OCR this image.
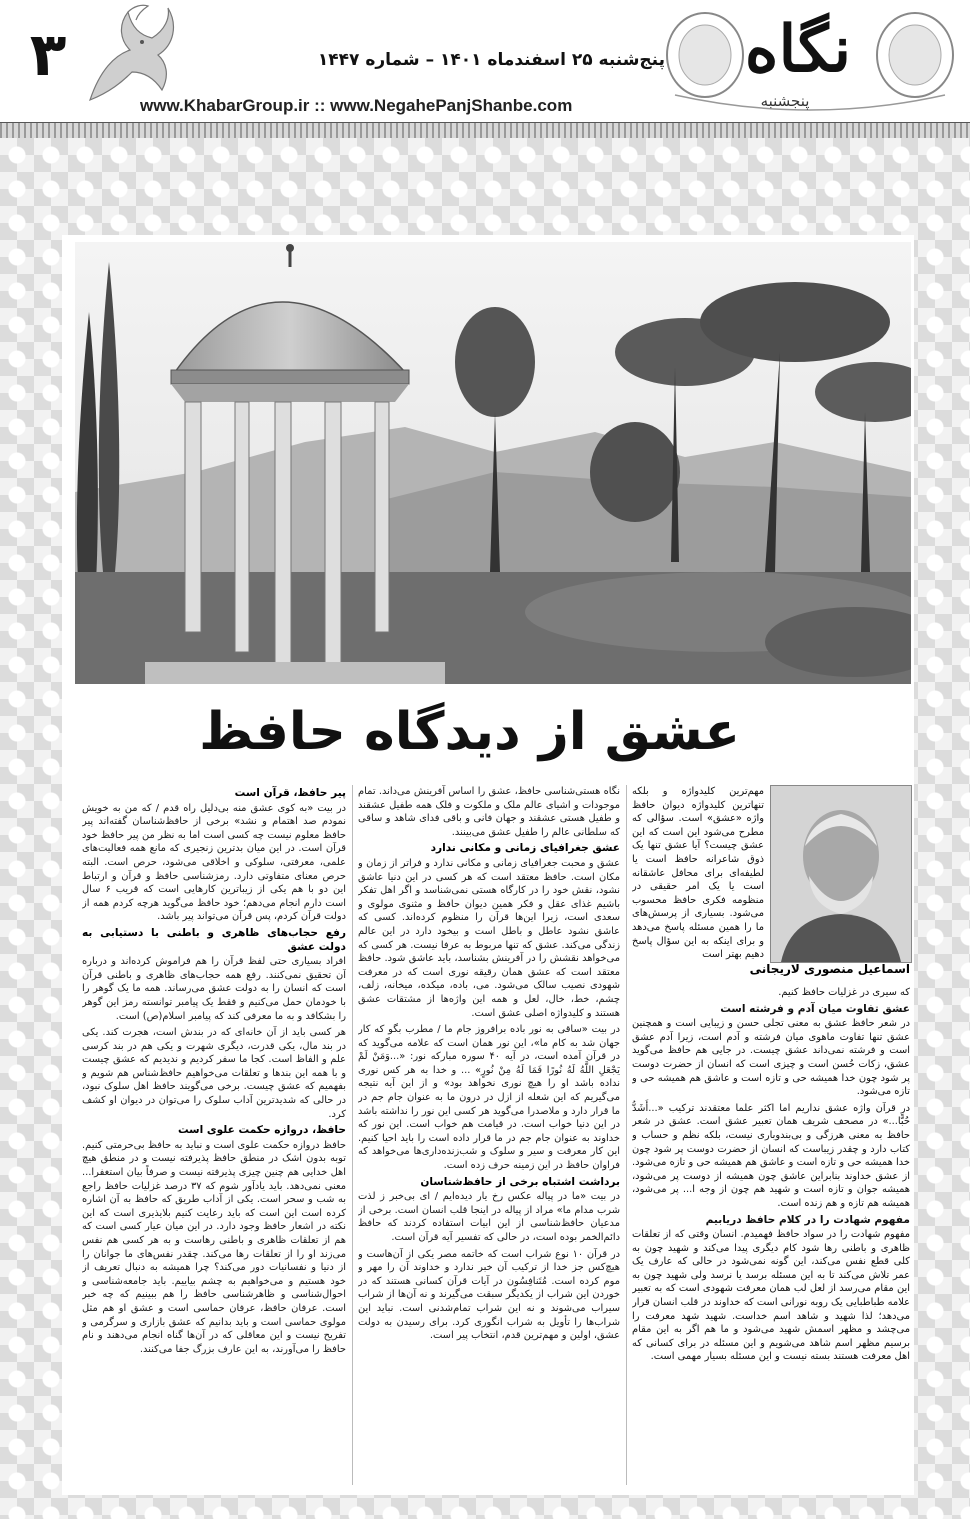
۳	پنج‌شنبه ۲۵ اسفندماه ۱۴۰۱ – شماره ۱۴۴۷
www.KhabarGroup.ir :: www.NegahePanjShanbe.com
نگاه
پنجشنبه
عشق از دیدگاه حافظ
اسماعیل منصوری لاریجانی

مهم‌ترین کلیدواژه و بلکه تنهاترین کلیدواژه دیوان حافظ واژه «عشق» است. سؤالی که مطرح می‌شود این است که این عشق چیست؟ آیا عشق تنها یک ذوق شاعرانه حافظ است یا لطیفه‌ای برای محافل عاشقانه است یا یک امر حقیقی در منظومه فکری حافظ محسوب می‌شود. بسیاری از پرسش‌های ما را همین مسئله پاسخ می‌دهد و برای اینکه به این سؤال پاسخ دهیم بهتر است

که سیری در غزلیات حافظ کنیم.

عشق تفاوت میان آدم و فرشته است

در شعر حافظ عشق به معنی تجلی حسن و زیبایی است و همچنین عشق تنها تفاوت ماهوی میان فرشته و آدم است، زیرا آدم عشق است و فرشته نمی‌داند عشق چیست. در جایی هم حافظ می‌گوید عشق، زکات حُسن است و چیزی است که انسان از حضرت دوست پر شود چون خدا همیشه حی و تازه است و عاشق هم همیشه حی و تازه می‌شود.

در قرآن واژه عشق نداریم اما اکثر علما معتقدند ترکیب «...أَشَدُّ حُبًّا...» در مصحف شریف همان تعبیر عشق است. عشق در شعر حافظ به معنی هرزگی و بی‌بندوباری نیست، بلکه نظم و حساب و کتاب دارد و چقدر زیباست که انسان از حضرت دوست پر شود چون خدا همیشه حی و تازه است و عاشق هم همیشه حی و تازه می‌شود. از عشق خداوند بنابراین عاشق چون همیشه از دوست پر می‌شود، همیشه جوان و تازه است و شهید هم چون از وجه ا... پر می‌شود، همیشه هم تازه و هم زنده است.

مفهوم شهادت را در کلام حافظ دریابیم

مفهوم شهادت را در سواد حافظ فهمیدم. انسان وقتی که از تعلقات ظاهری و باطنی رها شود کام دیگری پیدا می‌کند و شهید چون به کلی قطع نفس می‌کند، این گونه نمی‌شود در حالی که عارف یک عمر تلاش می‌کند تا به این مسئله برسد یا نرسد ولی شهید چون به این مقام می‌رسد از لعل لب همان معرفت شهودی است که به تعبیر علامه طباطبایی یک روبه نورانی است که خداوند در قلب انسان قرار می‌دهد؛ لذا شهید و شاهد اسم خداست. شهید شهد معرفت را می‌چشد و مظهر اسمش شهید می‌شود و ما هم اگر به این مقام برسیم مظهر اسم شاهد می‌شویم و این مسئله در برای کسانی که اهل معرفت هستند بسته نیست و این مسئله بسیار مهمی است.

نگاه هستی‌شناسی حافظ، عشق را اساس آفرینش می‌داند. تمام موجودات و اشیای عالم ملک و ملکوت و فلک همه طفیل عشقند و طفیل هستی عشقند و جهان فانی و باقی فدای شاهد و ساقی که سلطانی عالم را طفیل عشق می‌بینند.

عشق جغرافیای زمانی و مکانی ندارد

عشق و محبت جغرافیای زمانی و مکانی ندارد و فراتر از زمان و مکان است. حافظ معتقد است که هر کسی در این دنیا عاشق نشود، نقش خود را در کارگاه هستی نمی‌شناسد و اگر اهل تفکر باشیم غذای عقل و فکر همین دیوان حافظ و مثنوی مولوی و سعدی است، زیرا این‌ها قرآن را منظوم کرده‌اند. کسی که عاشق نشود عاطل و باطل است و بیخود دارد در این عالم زندگی می‌کند. عشق که تنها مربوط به عرفا نیست. هر کسی که می‌خواهد نقشش را در آفرینش بشناسد، باید عاشق شود. حافظ معتقد است که عشق همان رقیقه نوری است که در معرفت شهودی نصیب سالک می‌شود. می، باده، میکده، میخانه، زلف، چشم، خط، خال، لعل و همه این واژه‌ها از مشتقات عشق هستند و کلیدواژه اصلی عشق است.

در بیت «ساقی به نور باده برافروز جام ما / مطرب بگو که کار جهان شد به کام ما»، این نور همان است که علامه می‌گوید که در قرآن آمده است، در آیه ۴۰ سوره مبارکه نور: «...وَمَنْ لَمْ یَجْعَلِ اللَّهُ لَهُ نُورًا فَمَا لَهُ مِنْ نُورٍ» ... و خدا به هر کس نوری نداده باشد او را هیچ نوری نخواهد بود» و از این آیه نتیجه می‌گیریم که این شعله از ازل در درون ما به عنوان جام جم در ما قرار دارد و ملاصدرا می‌گوید هر کسی این نور را نداشته باشد در این دنیا خواب است. در قیامت هم خواب است. این نور که خداوند به عنوان جام جم در ما قرار داده است را باید احیا کنیم. این کار معرفت و سیر و سلوک و شب‌زنده‌داری‌ها می‌خواهد که فراوان حافظ در این زمینه حرف زده است.

برداشت اشتباه برخی از حافظ‌شناسان

در بیت «ما در پیاله عکس رخ یار دیده‌ایم / ای بی‌خبر ز لذت شرب مدام ما» مراد از پیاله در اینجا قلب انسان است. برخی از مدعیان حافظ‌شناسی از این ابیات استفاده کردند که حافظ دائم‌الخمر بوده است، در حالی که تفسیر آیه قرآن است.

در قرآن ۱۰ نوع شراب است که خاتمه مصر یکی از آن‌هاست و هیچ‌کس جز خدا از ترکیب آن خبر ندارد و خداوند آن را مهر و موم کرده است. مُتَنافِسُون در آیات قرآن کسانی هستند که در خوردن این شراب از یکدیگر سبقت می‌گیرند و نه آن‌ها از شراب سیراب می‌شوند و نه این شراب تمام‌شدنی است. نباید این شراب‌ها را تأویل به شراب انگوری کرد. برای رسیدن به دولت عشق، اولین و مهم‌ترین قدم، انتخاب پیر است.

پیر حافظ، قرآن است

در بیت «به کوی عشق منه بی‌دلیل راه قدم / که من به خویش نمودم صد اهتمام و نشد» برخی از حافظ‌شناسان گفته‌اند پیر حافظ معلوم نیست چه کسی است اما به نظر من پیر حافظ خود قرآن است. در این میان بدترین زنجیری که مانع همه فعالیت‌های علمی، معرفتی، سلوکی و اخلاقی می‌شود، حرص است. البته حرص معنای متفاوتی دارد. رمزشناسی حافظ و قرآن و ارتباط این دو با هم یکی از زیباترین کارهایی است که قریب ۶ سال است دارم انجام می‌دهم؛ خود حافظ می‌گوید هرچه کردم همه از دولت قرآن کردم، پس قرآن می‌تواند پیر باشد.

رفع حجاب‌های ظاهری و باطنی با دستیابی به دولت عشق

افراد بسیاری حتی لفظ قرآن را هم فراموش کرده‌اند و درباره آن تحقیق نمی‌کنند. رفع همه حجاب‌های ظاهری و باطنی قرآن است که انسان را به دولت عشق می‌رساند. همه ما یک گوهر را با خودمان حمل می‌کنیم و فقط یک پیامبر توانسته رمز این گوهر را بشکافد و به ما معرفی کند که پیامبر اسلام(ص) است.

هر کسی باید از آن خانه‌ای که در بندش است، هجرت کند. یکی در بند مال، یکی قدرت، دیگری شهرت و یکی هم در بند کرسی علم و الفاظ است. کجا ما سفر کردیم و ندیدیم که عشق چیست و با همه این بندها و تعلقات می‌خواهیم حافظ‌شناس هم شویم و بفهمیم که عشق چیست. برخی می‌گویند حافظ اهل سلوک نبود، در حالی که شدیدترین آداب سلوک را می‌توان در دیوان او کشف کرد.

حافظ، دروازه حکمت علوی است

حافظ دروازه حکمت علوی است و نباید به حافظ بی‌حرمتی کنیم. توبه بدون اشک در منطق حافظ پذیرفته نیست و در منطق هیچ اهل خدایی هم چنین چیزی پذیرفته نیست و صرفاً بیان استغفرا... معنی نمی‌دهد. باید یادآور شوم که ۳۷ درصد غزلیات حافظ راجع به شب و سحر است. یکی از آداب طریق که حافظ به آن اشاره کرده است این است که باید رعایت کنیم بلایذیری است که این نکته در اشعار حافظ وجود دارد. در این میان عیار کسی است که هم از تعلقات ظاهری و باطنی رهاست و به هر کسی هم نفس می‌زند او را از تعلقات رها می‌کند. چقدر نفس‌های ما جوانان را از دنیا و نفسانیات دور می‌کند؟ چرا همیشه به دنبال تعریف از خود هستیم و می‌خواهیم به چشم بیاییم. باید جامعه‌شناسی و احوال‌شناسی و ظاهرشناسی حافظ را هم ببینیم که چه خبر است. عرفان حافظ، عرفان حماسی است و عشق او هم مثل مولوی حماسی است و باید بدانیم که عشق بازاری و سرگرمی و تفریح نیست و این معاقلی که در آن‌ها گناه انجام می‌دهند و نام حافظ را می‌آورند، به این عارف بزرگ جفا می‌کنند.
